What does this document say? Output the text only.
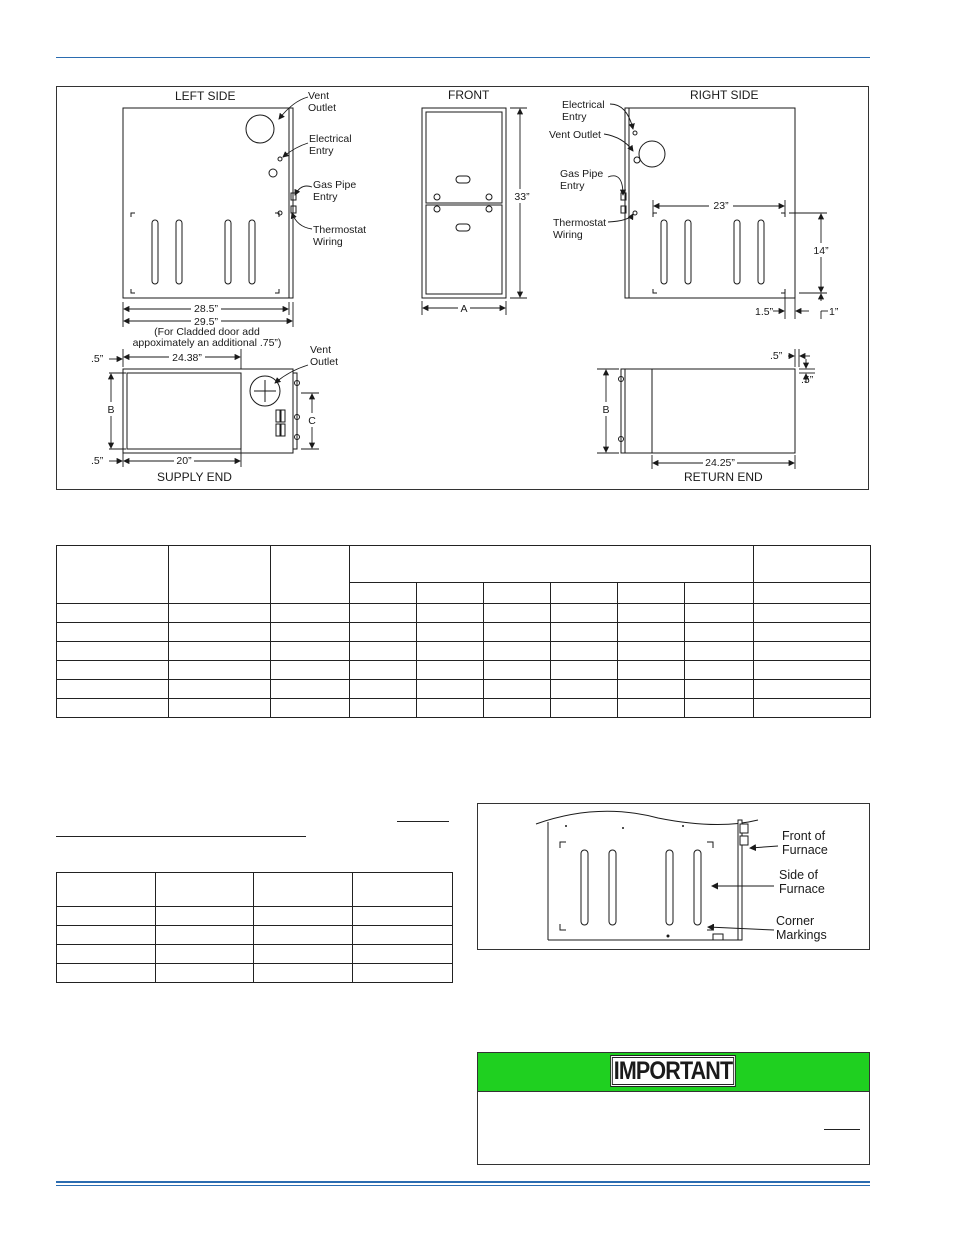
LEFT SIDE	Vent
Outlet
Electrical
Entry
Gas Pipe
Entry
Thermostat
Wiring
28.5”
29.5”
(For Cladded door add
appoximately an additional .75”)
FRONT
33”
A
RIGHT SIDE
Electrical
Entry
Vent Outlet
Gas Pipe
Entry
Thermostat
Wiring
23”
14”
1.5”	1”
Vent
Outlet
24.38”
.5”
B
C
.5”	20”
SUPPLY END
.5”
.5”
B
24.25”
RETURN END

Front of
Furnace
Side of
Furnace
Corner
Markings
IMPORTANT
